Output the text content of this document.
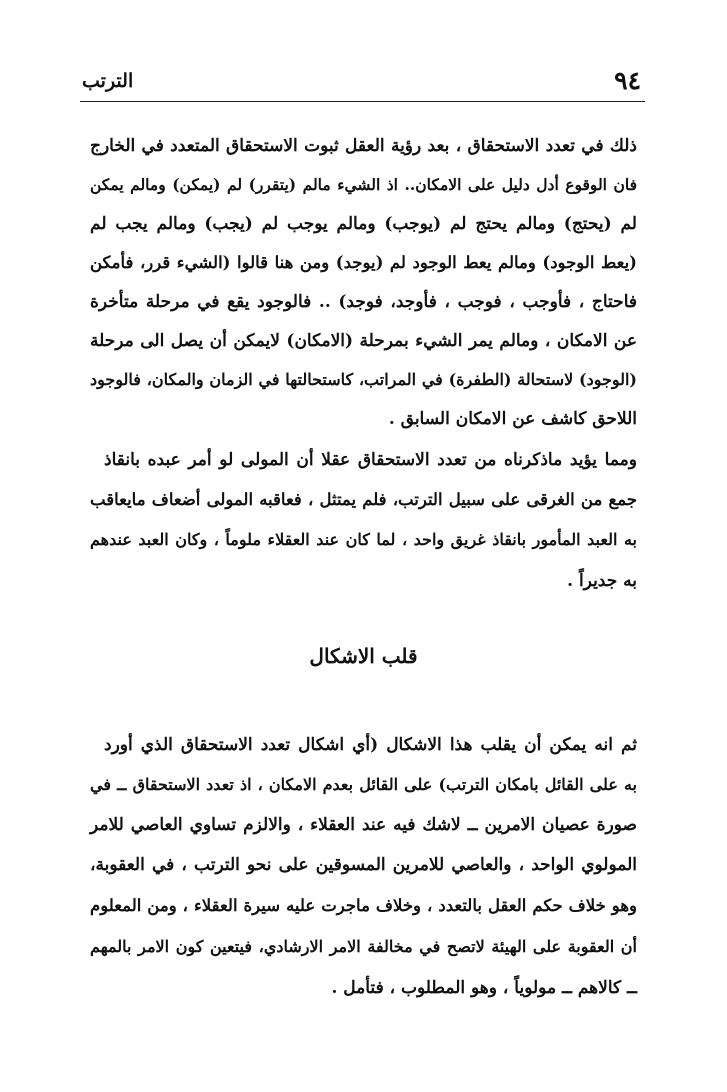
٩٤
الترتب
ذلك في تعدد الاستحقاق ، بعد رؤية العقل ثبوت الاستحقاق المتعدد في الخارج
فان الوقوع أدل دليل على الامكان.. اذ الشيء مالم (يتقرر) لم (يمكن) ومالم يمكن
لم (يحتج) ومالم يحتج لم (يوجب) ومالم يوجب لم (يجب) ومالم يجب لم
(يعط الوجود) ومالم يعط الوجود لم (يوجد) ومن هنا قالوا (الشيء قرر، فأمكن
فاحتاج ، فأوجب ، فوجب ، فأوجد، فوجد) .. فالوجود يقع في مرحلة متأخرة
عن الامكان ، ومالم يمر الشيء بمرحلة (الامكان) لايمكن أن يصل الى مرحلة
(الوجود) لاستحالة (الطفرة) في المراتب، كاستحالتها في الزمان والمكان، فالوجود
اللاحق كاشف عن الامكان السابق .
ومما يؤيد ماذكرناه من تعدد الاستحقاق عقلا أن المولى لو أمر عبده بانقاذ
جمع من الغرقى على سبيل الترتب، فلم يمتثل ، فعاقبه المولى أضعاف مايعاقب
به العبد المأمور بانقاذ غريق واحد ، لما كان عند العقلاء ملوماً ، وكان العبد عندهم
به جديراً .
قلب الاشكال
ثم انه يمكن أن يقلب هذا الاشكال (أي اشكال تعدد الاستحقاق الذي أورد
به على القائل بامكان الترتب) على القائل بعدم الامكان ، اذ تعدد الاستحقاق ــ في
صورة عصيان الامرين ــ لاشك فيه عند العقلاء ، والالزم تساوي العاصي للامر
المولوي الواحد ، والعاصي للامرين المسوقين على نحو الترتب ، في العقوبة،
وهو خلاف حكم العقل بالتعدد ، وخلاف ماجرت عليه سيرة العقلاء ، ومن المعلوم
أن العقوبة على الهيئة لاتصح في مخالفة الامر الارشادي، فيتعين كون الامر بالمهم
ــ كالاهم ــ مولوياً ، وهو المطلوب ، فتأمل .
